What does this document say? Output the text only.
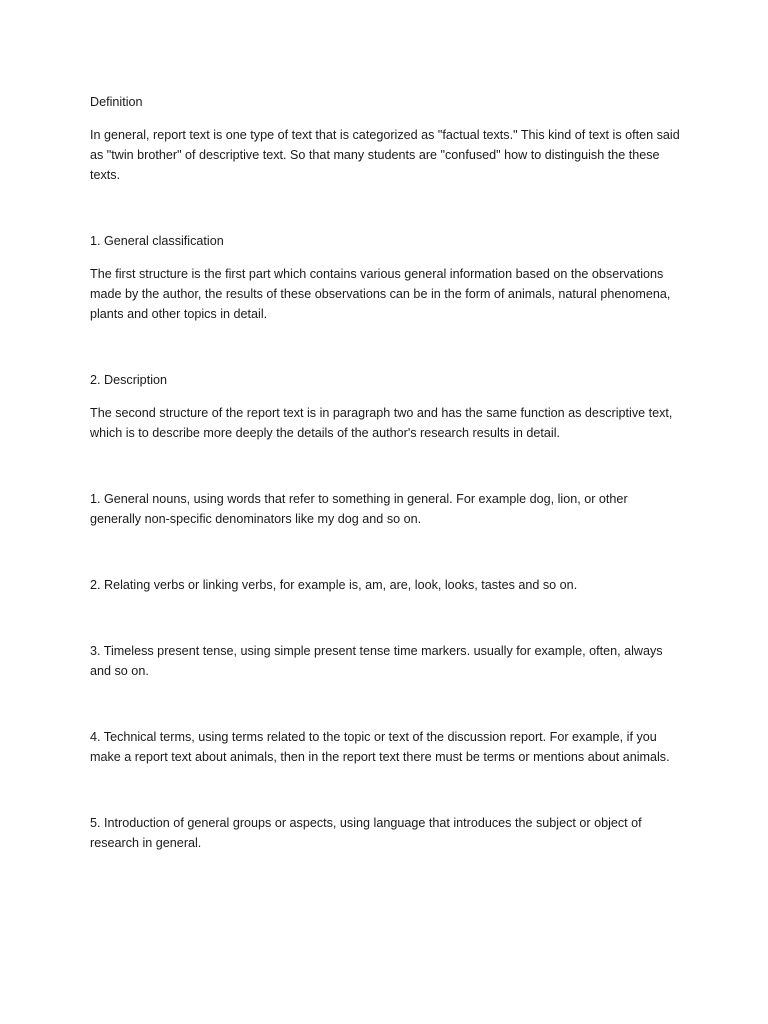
Definition

In general, report text is one type of text that is categorized as "factual texts." This kind of text is often said as "twin brother" of descriptive text. So that many students are "confused" how to distinguish the these texts.

1. General classification

The first structure is the first part which contains various general information based on the observations made by the author, the results of these observations can be in the form of animals, natural phenomena, plants and other topics in detail.

2. Description

The second structure of the report text is in paragraph two and has the same function as descriptive text, which is to describe more deeply the details of the author's research results in detail.

1. General nouns, using words that refer to something in general. For example dog, lion, or other generally non-specific denominators like my dog and so on.

2. Relating verbs or linking verbs, for example is, am, are, look, looks, tastes and so on.

3. Timeless present tense, using simple present tense time markers. usually for example, often, always and so on.

4. Technical terms, using terms related to the topic or text of the discussion report. For example, if you make a report text about animals, then in the report text there must be terms or mentions about animals.

5. Introduction of general groups or aspects, using language that introduces the subject or object of research in general.
